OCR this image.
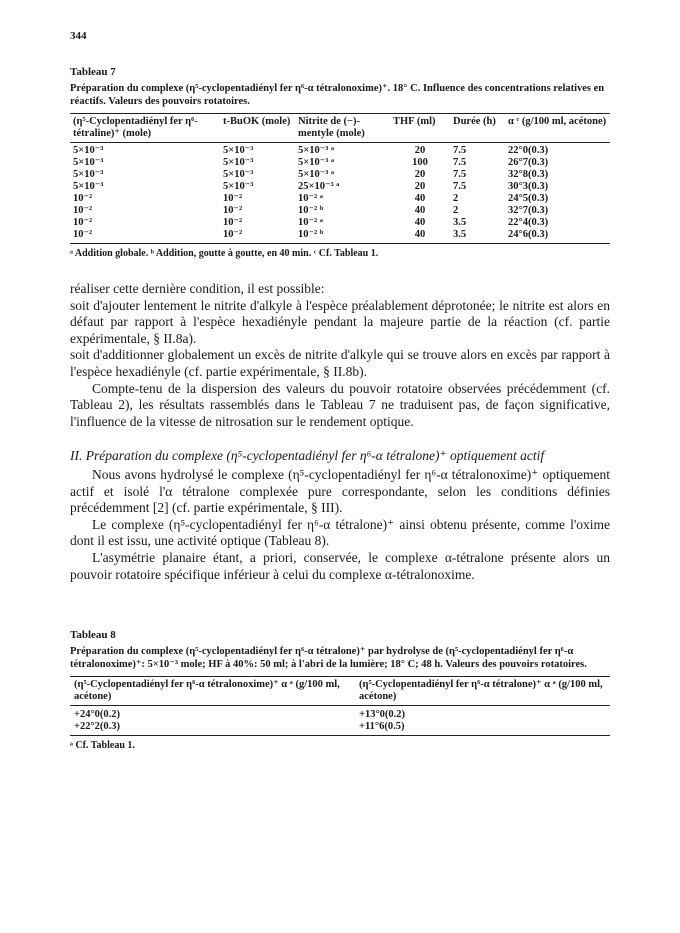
344
Tableau 7
Préparation du complexe (η⁵-cyclopentadiényl fer η⁶-α tétralonoxime)⁺. 18° C. Influence des concentrations relatives en réactifs. Valeurs des pouvoirs rotatoires.
(η⁵-Cyclopentadiényl fer η⁶-tétraline)⁺ (mole)	t-BuOK (mole)	Nitrite de (−)-mentyle (mole)	THF (ml)	Durée (h)	α ᶜ (g/100 ml, acétone)
5×10⁻³	5×10⁻³	5×10⁻³ ᵃ	20	7.5	22°0(0.3)
5×10⁻³	5×10⁻³	5×10⁻³ ᵃ	100	7.5	26°7(0.3)
5×10⁻³	5×10⁻³	5×10⁻³ ᵃ	20	7.5	32°8(0.3)
5×10⁻³	5×10⁻³	25×10⁻³ ᵃ	20	7.5	30°3(0.3)
10⁻²	10⁻²	10⁻² ᵃ	40	2	24°5(0.3)
10⁻²	10⁻²	10⁻² ᵇ	40	2	32°7(0.3)
10⁻²	10⁻²	10⁻² ᵃ	40	3.5	22°4(0.3)
10⁻²	10⁻²	10⁻² ᵇ	40	3.5	24°6(0.3)
ᵃ Addition globale. ᵇ Addition, goutte à goutte, en 40 min. ᶜ Cf. Tableau 1.

réaliser cette dernière condition, il est possible:

soit d'ajouter lentement le nitrite d'alkyle à l'espèce préalablement déprotonée; le nitrite est alors en défaut par rapport à l'espèce hexadiényle pendant la majeure partie de la réaction (cf. partie expérimentale, § II.8a).

soit d'additionner globalement un excès de nitrite d'alkyle qui se trouve alors en excès par rapport à l'espèce hexadiényle (cf. partie expérimentale, § II.8b).

Compte-tenu de la dispersion des valeurs du pouvoir rotatoire observées précédemment (cf. Tableau 2), les résultats rassemblés dans le Tableau 7 ne traduisent pas, de façon significative, l'influence de la vitesse de nitrosation sur le rendement optique.

II. Préparation du complexe (η⁵-cyclopentadiényl fer η⁶-α tétralone)⁺ optiquement actif

Nous avons hydrolysé le complexe (η⁵-cyclopentadiényl fer η⁶-α tétralonoxime)⁺ optiquement actif et isolé l'α tétralone complexée pure correspondante, selon les conditions définies précédemment [2] (cf. partie expérimentale, § III).

Le complexe (η⁵-cyclopentadiényl fer η⁶-α tétralone)⁺ ainsi obtenu présente, comme l'oxime dont il est issu, une activité optique (Tableau 8).

L'asymétrie planaire étant, a priori, conservée, le complexe α-tétralone présente alors un pouvoir rotatoire spécifique inférieur à celui du complexe α-tétralonoxime.

Tableau 8
Préparation du complexe (η⁵-cyclopentadiényl fer η⁶-α tétralone)⁺ par hydrolyse de (η⁵-cyclopentadiényl fer η⁶-α tétralonoxime)⁺: 5×10⁻³ mole; HF à 40%: 50 ml; à l'abri de la lumière; 18° C; 48 h. Valeurs des pouvoirs rotatoires.
(η⁵-Cyclopentadiényl fer η⁶-α tétralonoxime)⁺ α ᵃ (g/100 ml, acétone)	(η⁵-Cyclopentadiényl fer η⁶-α tétralone)⁺ α ᵃ (g/100 ml, acétone)
+24°0(0.2)	+13°0(0.2)
+22°2(0.3)	+11°6(0.5)
ᵃ Cf. Tableau 1.
